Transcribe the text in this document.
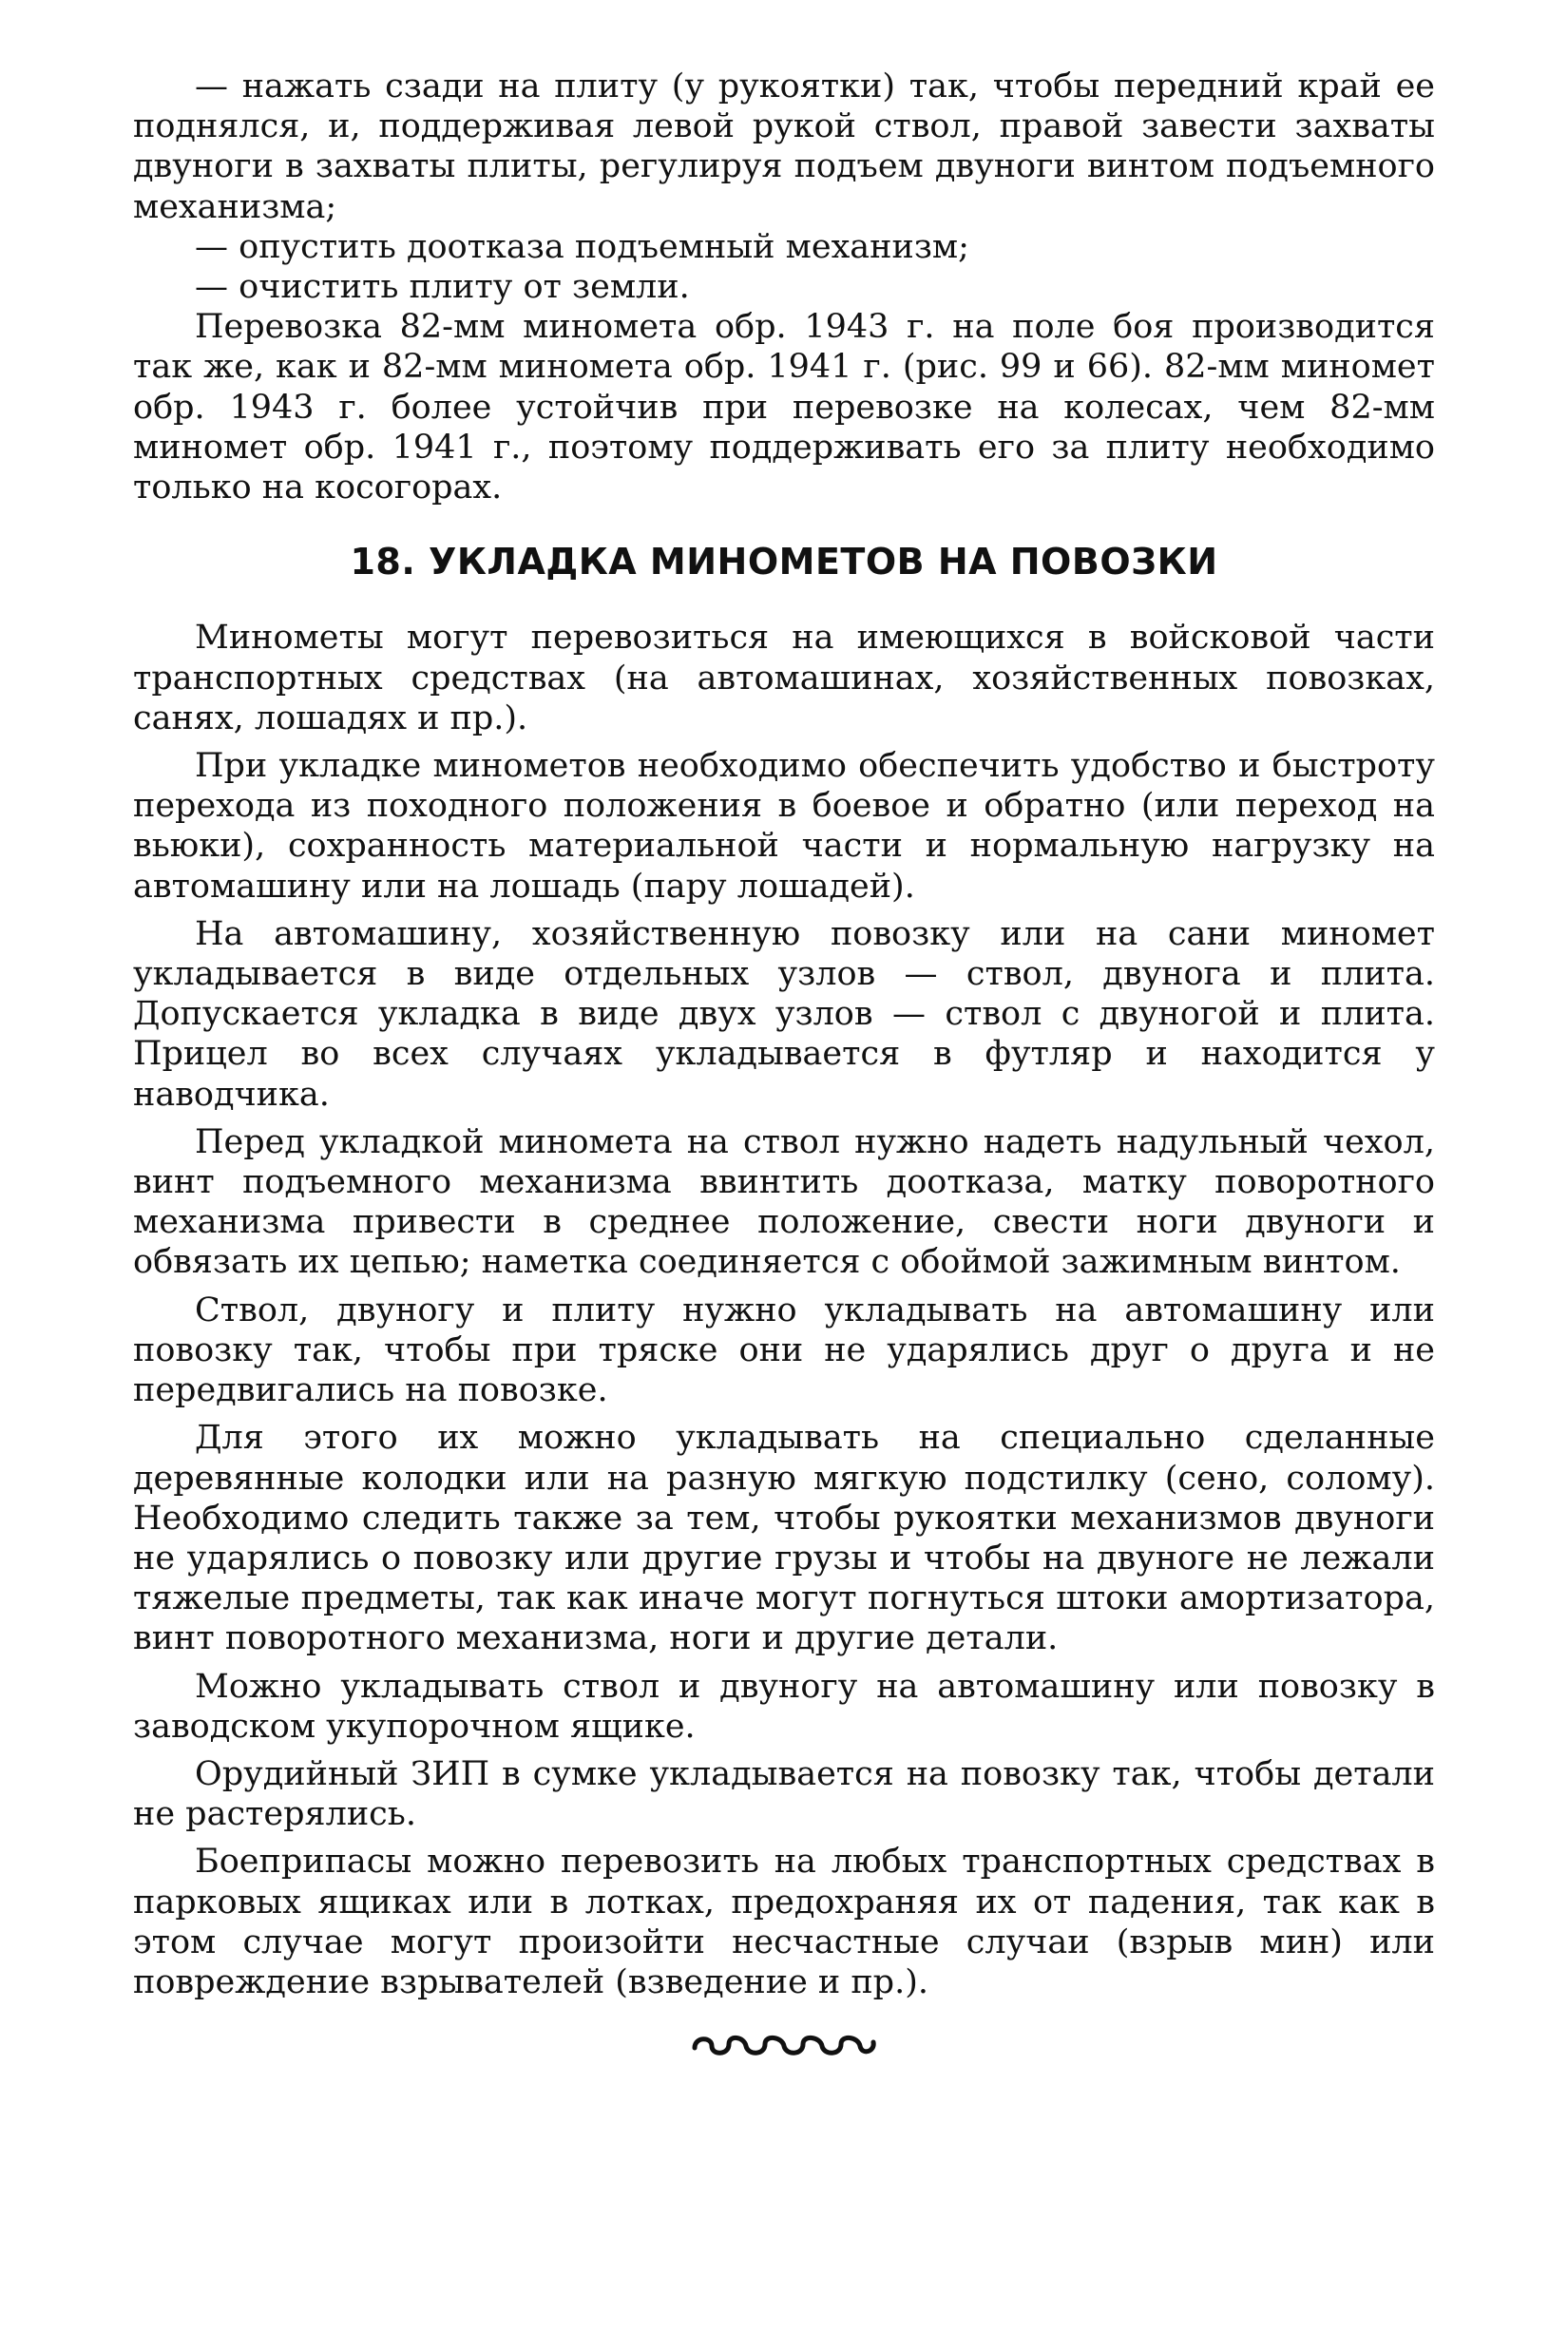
— нажать сзади на плиту (у рукоятки) так, чтобы передний край ее поднялся, и, поддерживая левой рукой ствол, правой завести захваты двуноги в захваты плиты, регулируя подъем двуноги винтом подъемного механизма;

— опустить доотказа подъемный механизм;

— очистить плиту от земли.

Перевозка 82-мм миномета обр. 1943 г. на поле боя производится так же, как и 82-мм миномета обр. 1941 г. (рис. 99 и 66). 82-мм миномет обр. 1943 г. более устойчив при перевозке на колесах, чем 82-мм миномет обр. 1941 г., поэтому поддерживать его за плиту необходимо только на косогорах.

18. УКЛАДКА МИНОМЕТОВ НА ПОВОЗКИ

Минометы могут перевозиться на имеющихся в войсковой части транспортных средствах (на автомашинах, хозяйственных повозках, санях, лошадях и пр.).

При укладке минометов необходимо обеспечить удобство и быстроту перехода из походного положения в боевое и обратно (или переход на вьюки), сохранность материальной части и нормальную нагрузку на автомашину или на лошадь (пару лошадей).

На автомашину, хозяйственную повозку или на сани миномет укладывается в виде отдельных узлов — ствол, двунога и плита. Допускается укладка в виде двух узлов — ствол с двуногой и плита. Прицел во всех случаях укладывается в футляр и находится у наводчика.

Перед укладкой миномета на ствол нужно надеть надульный чехол, винт подъемного механизма ввинтить доотказа, матку поворотного механизма привести в среднее положение, свести ноги двуноги и обвязать их цепью; наметка соединяется с обоймой зажимным винтом.

Ствол, двуногу и плиту нужно укладывать на автомашину или повозку так, чтобы при тряске они не ударялись друг о друга и не передвигались на повозке.

Для этого их можно укладывать на специально сделанные деревянные колодки или на разную мягкую подстилку (сено, солому). Необходимо следить также за тем, чтобы рукоятки механизмов двуноги не ударялись о повозку или другие грузы и чтобы на двуноге не лежали тяжелые предметы, так как иначе могут погнуться штоки амортизатора, винт поворотного механизма, ноги и другие детали.

Можно укладывать ствол и двуногу на автомашину или повозку в заводском укупорочном ящике.

Орудийный ЗИП в сумке укладывается на повозку так, чтобы детали не растерялись.

Боеприпасы можно перевозить на любых транспортных средствах в парковых ящиках или в лотках, предохраняя их от падения, так как в этом случае могут произойти несчастные случаи (взрыв мин) или повреждение взрывателей (взведение и пр.).
